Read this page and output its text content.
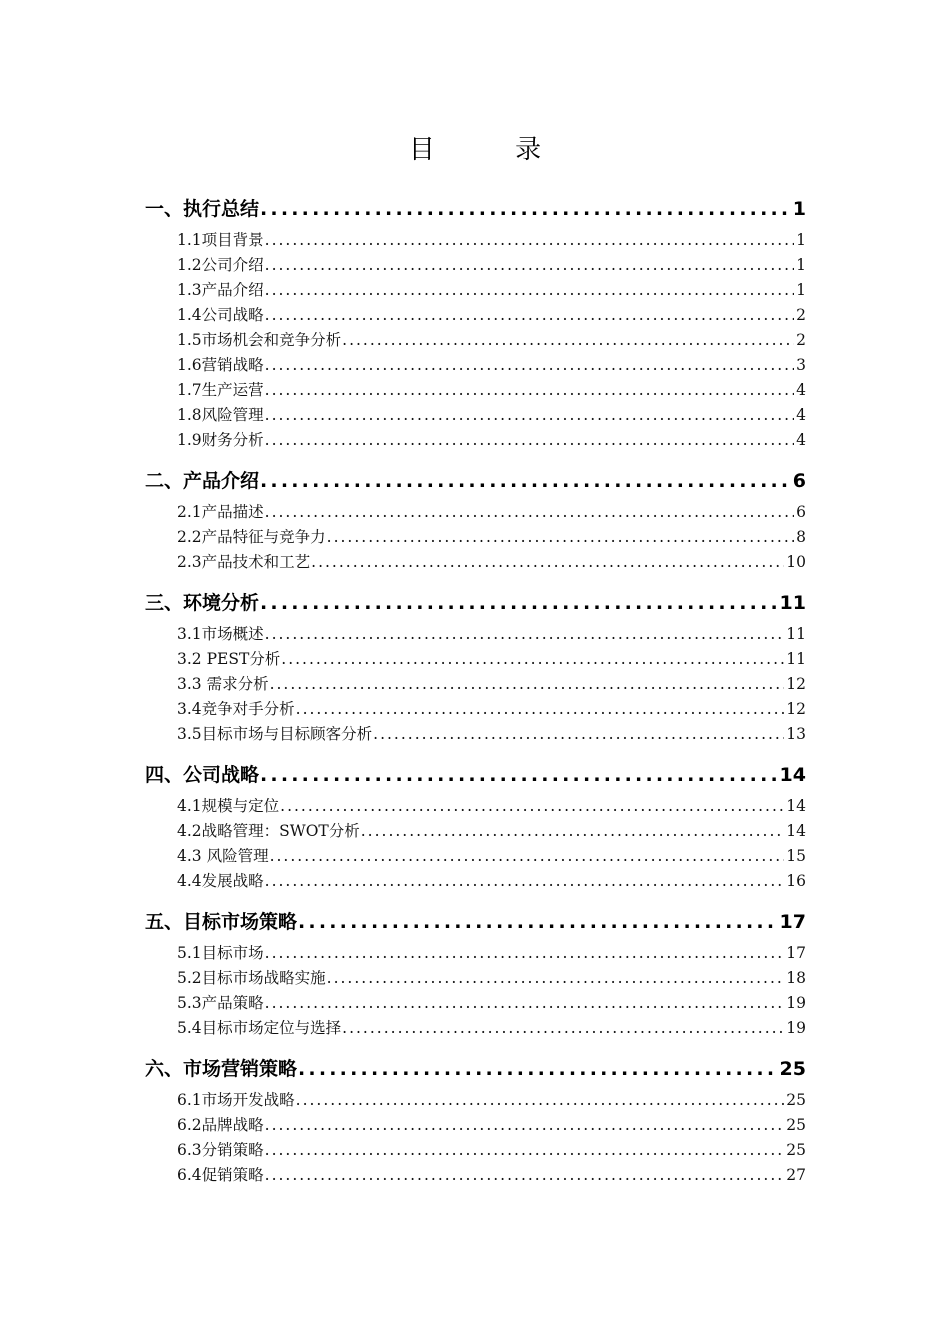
目 录
一、执行总结 .....	1
1.1项目背景 .....	1
1.2公司介绍 .....	1
1.3产品介绍 .....	1
1.4公司战略 .....	2
1.5市场机会和竞争分析 .....	2
1.6营销战略 .....	3
1.7生产运营 .....	4
1.8风险管理 .....	4
1.9财务分析 .....	4
二、产品介绍 .....	6
2.1产品描述 .....	6
2.2产品特征与竞争力 .....	8
2.3产品技术和工艺 .....	10
三、环境分析 .....	11
3.1市场概述 .....	11
3.2 PEST分析 .....	11
3.3 需求分析 .....	12
3.4竞争对手分析 .....	12
3.5目标市场与目标顾客分析 .....	13
四、公司战略 .....	14
4.1规模与定位 .....	14
4.2战略管理：SWOT分析 .....	14
4.3 风险管理 .....	15
4.4发展战略 .....	16
五、目标市场策略 .....	17
5.1目标市场 .....	17
5.2目标市场战略实施 .....	18
5.3产品策略 .....	19
5.4目标市场定位与选择 .....	19
六、市场营销策略 .....	25
6.1市场开发战略 .....	25
6.2品牌战略 .....	25
6.3分销策略 .....	25
6.4促销策略 .....	27
